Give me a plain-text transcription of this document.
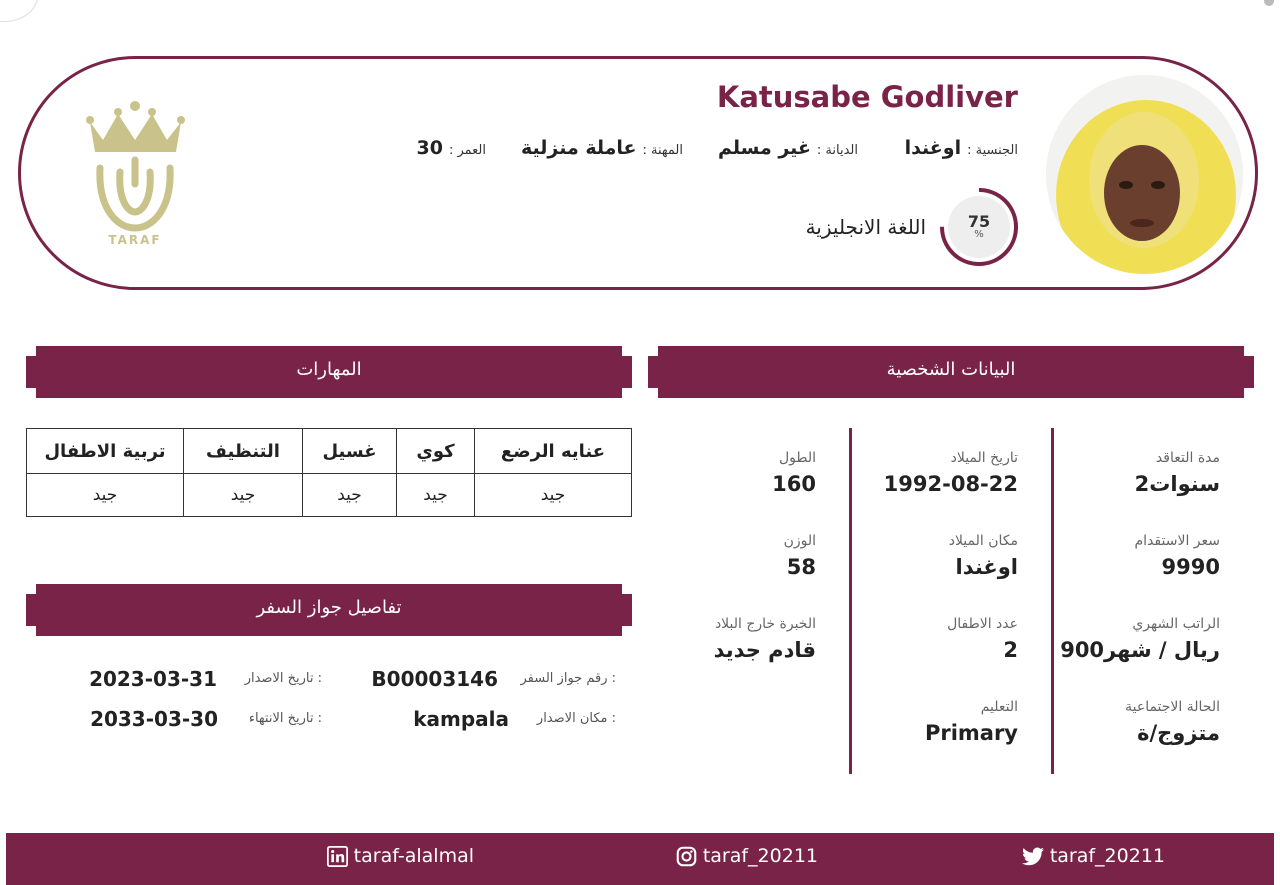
Katusabe Godliver
الجنسية :
اوغندا
الديانة :
غير مسلم
المهنة :
عاملة منزلية
العمر :
30
75
%
اللغة الانجليزية
TARAF
البيانات الشخصية
مدة التعاقد
2سنوات
سعر الاستقدام
9990
الراتب الشهري
900ريال / شهر
الحالة الاجتماعية
متزوج/ة
تاريخ الميلاد
1992-08-22
مكان الميلاد
اوغندا
عدد الاطفال
2
التعليم
Primary
الطول
160
الوزن
58
الخبرة خارج البلاد
قادم جديد
المهارات
عنايه الرضع	كوي	غسيل	التنظيف	تربية الاطفال
جيد	جيد	جيد	جيد	جيد
تفاصيل جواز السفر
رقم جواز السفر :
B00003146
مكان الاصدار :
kampala
تاريخ الاصدار :
2023-03-31
تاريخ الانتهاء :
2033-03-30
taraf_20211
taraf_20211
taraf-alalmal
